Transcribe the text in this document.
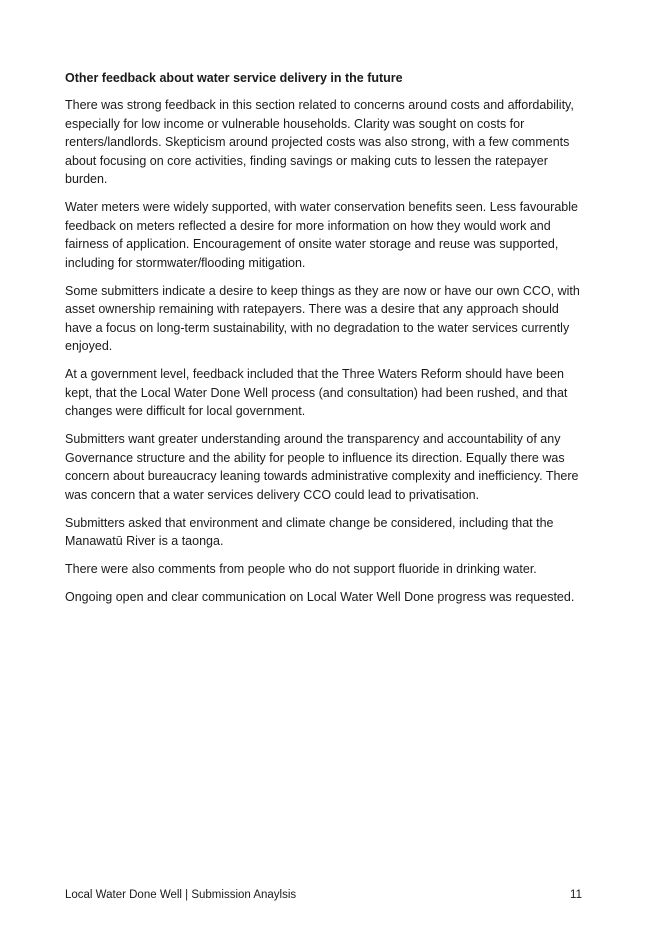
Other feedback about water service delivery in the future

There was strong feedback in this section related to concerns around costs and affordability, especially for low income or vulnerable households. Clarity was sought on costs for renters/landlords. Skepticism around projected costs was also strong, with a few comments about focusing on core activities, finding savings or making cuts to lessen the ratepayer burden.

Water meters were widely supported, with water conservation benefits seen. Less favourable feedback on meters reflected a desire for more information on how they would work and fairness of application. Encouragement of onsite water storage and reuse was supported, including for stormwater/flooding mitigation.

Some submitters indicate a desire to keep things as they are now or have our own CCO, with asset ownership remaining with ratepayers. There was a desire that any approach should have a focus on long-term sustainability, with no degradation to the water services currently enjoyed.

At a government level, feedback included that the Three Waters Reform should have been kept, that the Local Water Done Well process (and consultation) had been rushed, and that changes were difficult for local government.

Submitters want greater understanding around the transparency and accountability of any Governance structure and the ability for people to influence its direction. Equally there was concern about bureaucracy leaning towards administrative complexity and inefficiency. There was concern that a water services delivery CCO could lead to privatisation.

Submitters asked that environment and climate change be considered, including that the Manawatū River is a taonga.

There were also comments from people who do not support fluoride in drinking water.

Ongoing open and clear communication on Local Water Well Done progress was requested.

Local Water Done Well | Submission Anaylsis	11
